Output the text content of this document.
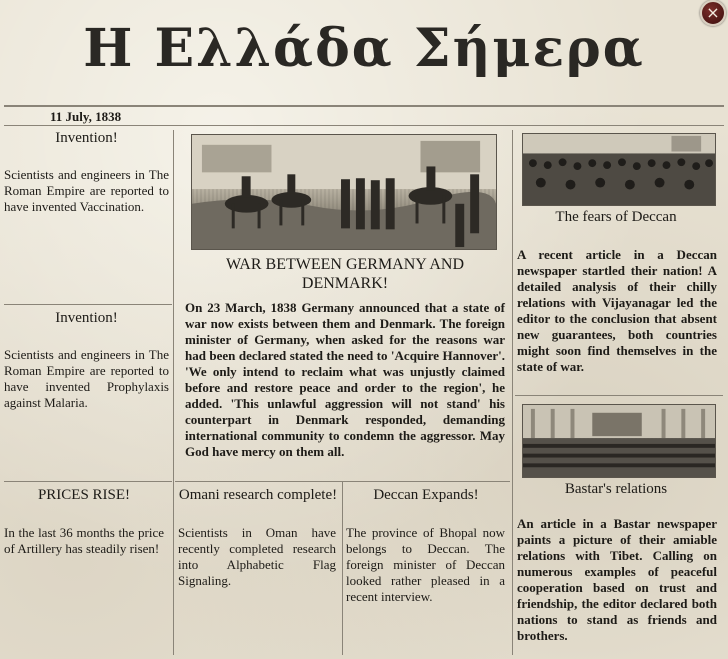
Η Ελλάδα Σήμερα
×
11 July, 1838
Invention!
Scientists and engineers in The Roman Empire are reported to have invented Vaccination.
Invention!
Scientists and engineers in The Roman Empire are reported to have invented Prophylaxis against Malaria.
PRICES RISE!
In the last 36 months the price of Artillery has steadily risen!
WAR BETWEEN GERMANY AND DENMARK!
On 23 March, 1838 Germany announced that a state of war now exists between them and Denmark. The foreign minister of Germany, when asked for the reasons war had been declared stated the need to 'Acquire Hannover'. 'We only intend to reclaim what was unjustly claimed before and restore peace and order to the region', he added. 'This unlawful aggression will not stand' his counterpart in Denmark responded, demanding international community to condemn the aggressor. May God have mercy on them all.
Omani research complete!
Scientists in Oman have recently completed research into Alphabetic Flag Signaling.
Deccan Expands!
The province of Bhopal now belongs to Deccan. The foreign minister of Deccan looked rather pleased in a recent interview.
The fears of Deccan
A recent article in a Deccan newspaper startled their nation! A detailed analysis of their chilly relations with Vijayanagar led the editor to the conclusion that absent new guarantees, both countries might soon find themselves in the state of war.
Bastar's relations
An article in a Bastar newspaper paints a picture of their amiable relations with Tibet. Calling on numerous examples of peaceful cooperation based on trust and friendship, the editor declared both nations to stand as friends and brothers.
